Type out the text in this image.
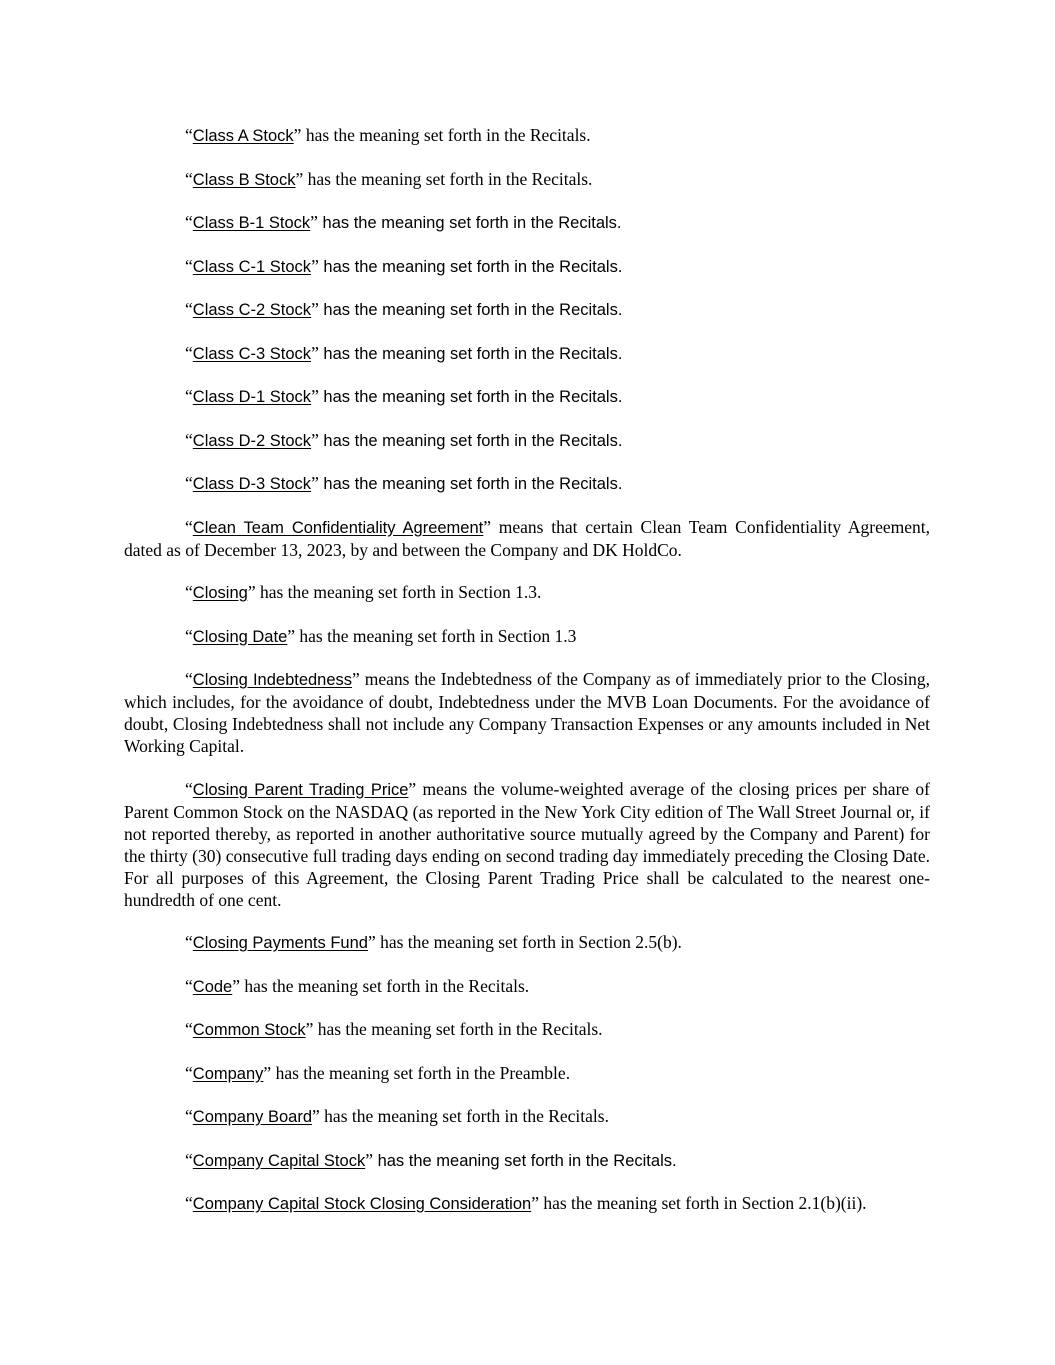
“Class A Stock” has the meaning set forth in the Recitals.

“Class B Stock” has the meaning set forth in the Recitals.

“Class B-1 Stock” has the meaning set forth in the Recitals.

“Class C-1 Stock” has the meaning set forth in the Recitals.

“Class C-2 Stock” has the meaning set forth in the Recitals.

“Class C-3 Stock” has the meaning set forth in the Recitals.

“Class D-1 Stock” has the meaning set forth in the Recitals.

“Class D-2 Stock” has the meaning set forth in the Recitals.

“Class D-3 Stock” has the meaning set forth in the Recitals.

“Clean Team Confidentiality Agreement” means that certain Clean Team Confidentiality Agreement, dated as of December 13, 2023, by and between the Company and DK HoldCo.

“Closing” has the meaning set forth in Section 1.3.

“Closing Date” has the meaning set forth in Section 1.3

“Closing Indebtedness” means the Indebtedness of the Company as of immediately prior to the Closing, which includes, for the avoidance of doubt, Indebtedness under the MVB Loan Documents. For the avoidance of doubt, Closing Indebtedness shall not include any Company Transaction Expenses or any amounts included in Net Working Capital.

“Closing Parent Trading Price” means the volume-weighted average of the closing prices per share of Parent Common Stock on the NASDAQ (as reported in the New York City edition of The Wall Street Journal or, if not reported thereby, as reported in another authoritative source mutually agreed by the Company and Parent) for the thirty (30) consecutive full trading days ending on second trading day immediately preceding the Closing Date. For all purposes of this Agreement, the Closing Parent Trading Price shall be calculated to the nearest one-hundredth of one cent.

“Closing Payments Fund” has the meaning set forth in Section 2.5(b).

“Code” has the meaning set forth in the Recitals.

“Common Stock” has the meaning set forth in the Recitals.

“Company” has the meaning set forth in the Preamble.

“Company Board” has the meaning set forth in the Recitals.

“Company Capital Stock” has the meaning set forth in the Recitals.

“Company Capital Stock Closing Consideration” has the meaning set forth in Section 2.1(b)(ii).
